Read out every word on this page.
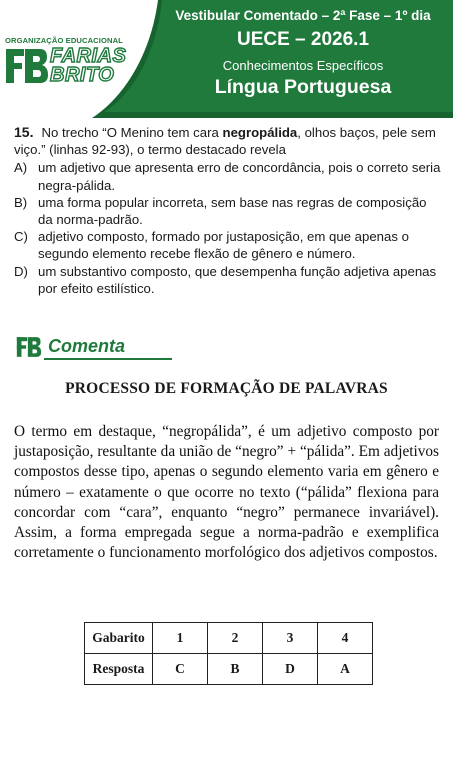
ORGANIZAÇÃO EDUCACIONAL
FARIAS
BRITO
Vestibular Comentado – 2ª Fase – 1º dia
UECE – 2026.1
Conhecimentos Específicos
Língua Portuguesa

15. No trecho “O Menino tem cara negropálida, olhos baços, pele sem viço.” (linhas 92-93), o termo destacado revela

A) um adjetivo que apresenta erro de concordância, pois o correto seria negra-pálida.
B) uma forma popular incorreta, sem base nas regras de composição da norma-padrão.
C) adjetivo composto, formado por justaposição, em que apenas o segundo elemento recebe flexão de gênero e número.
D) um substantivo composto, que desempenha função adjetiva apenas por efeito estilístico.
Comenta
PROCESSO DE FORMAÇÃO DE PALAVRAS
O termo em destaque, “negropálida”, é um adjetivo composto por justaposição, resultante da união de “negro” + “pálida”. Em adjetivos compostos desse tipo, apenas o segundo elemento varia em gênero e número – exatamente o que ocorre no texto (“pálida” flexiona para concordar com “cara”, enquanto “negro” permanece invariável). Assim, a forma empregada segue a norma-padrão e exemplifica corretamente o funcionamento morfológico dos adjetivos compostos.
Gabarito	1	2	3	4
Resposta	C	B	D	A
